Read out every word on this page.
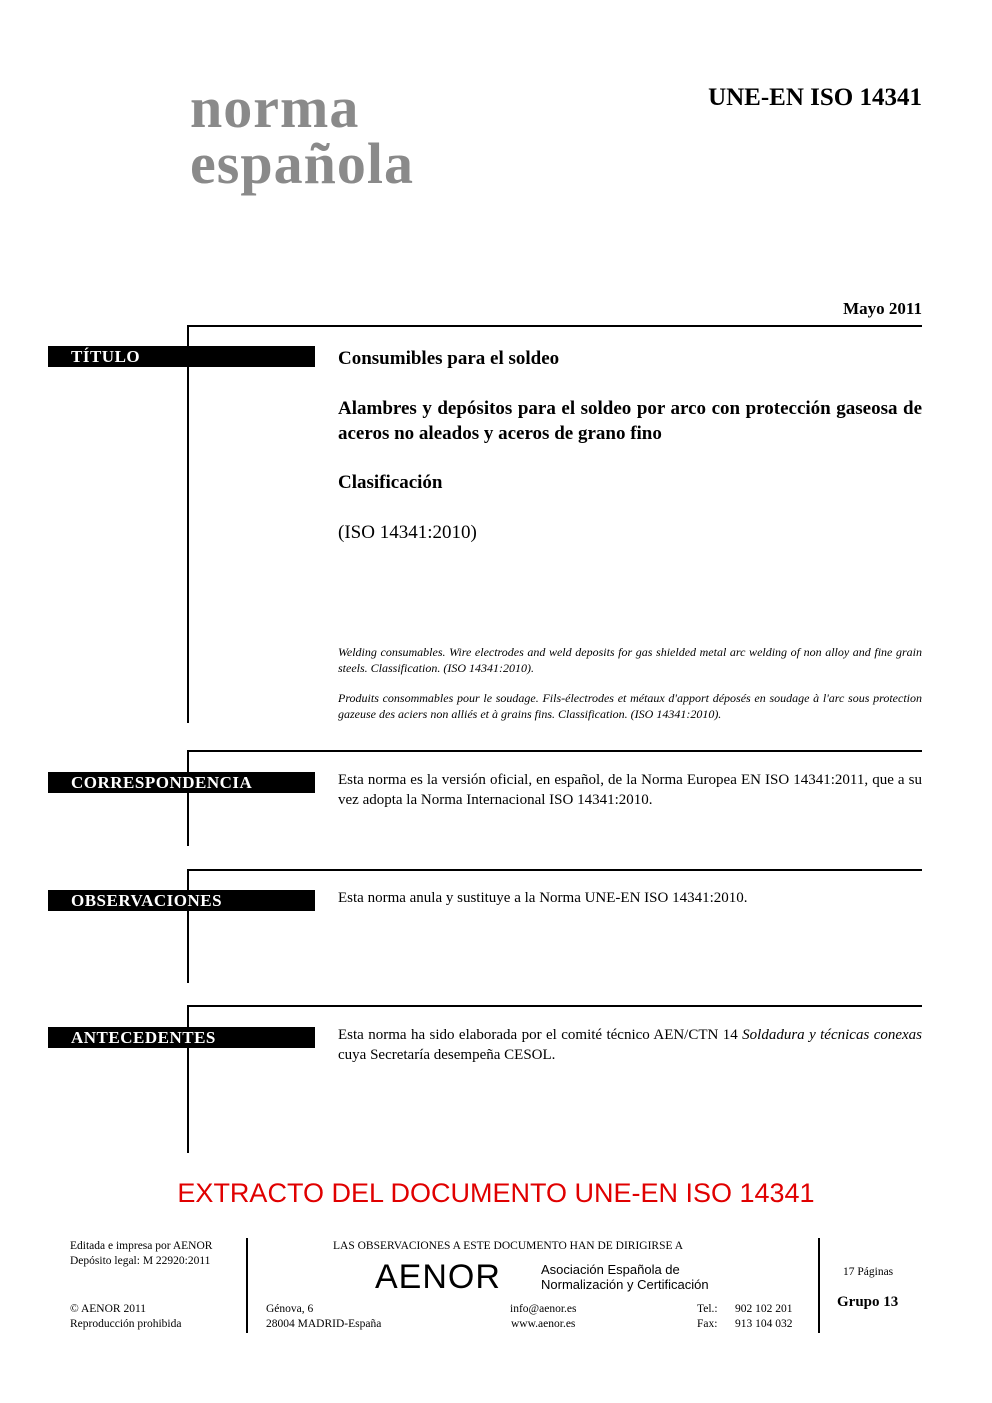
norma
española
UNE-EN ISO 14341
Mayo 2011
TÍTULO	Consumibles para el soldeo
Alambres y depósitos para el soldeo por arco con protección gaseosa de aceros no aleados y aceros de grano fino
Clasificación
(ISO 14341:2010)
Welding consumables. Wire electrodes and weld deposits for gas shielded metal arc welding of non alloy and fine grain steels. Classification. (ISO 14341:2010).
Produits consommables pour le soudage. Fils-électrodes et métaux d'apport déposés en soudage à l'arc sous protection gazeuse des aciers non alliés et à grains fins. Classification. (ISO 14341:2010).
CORRESPONDENCIA	Esta norma es la versión oficial, en español, de la Norma Europea EN ISO 14341:2011, que a su vez adopta la Norma Internacional ISO 14341:2010.
OBSERVACIONES	Esta norma anula y sustituye a la Norma UNE-EN ISO 14341:2010.
ANTECEDENTES	Esta norma ha sido elaborada por el comité técnico AEN/CTN 14 Soldadura y técnicas conexas cuya Secretaría desempeña CESOL.
EXTRACTO DEL DOCUMENTO UNE-EN ISO 14341
Editada e impresa por AENOR
Depósito legal: M 22920:2011
© AENOR 2011
Reproducción prohibida
LAS OBSERVACIONES A ESTE DOCUMENTO HAN DE DIRIGIRSE A
AENOR	Asociación Española de
Normalización y Certificación
Génova, 6
28004 MADRID-España
info@aenor.es
www.aenor.es
Tel.: 902 102 201
Fax: 913 104 032
17 Páginas
Grupo 13
